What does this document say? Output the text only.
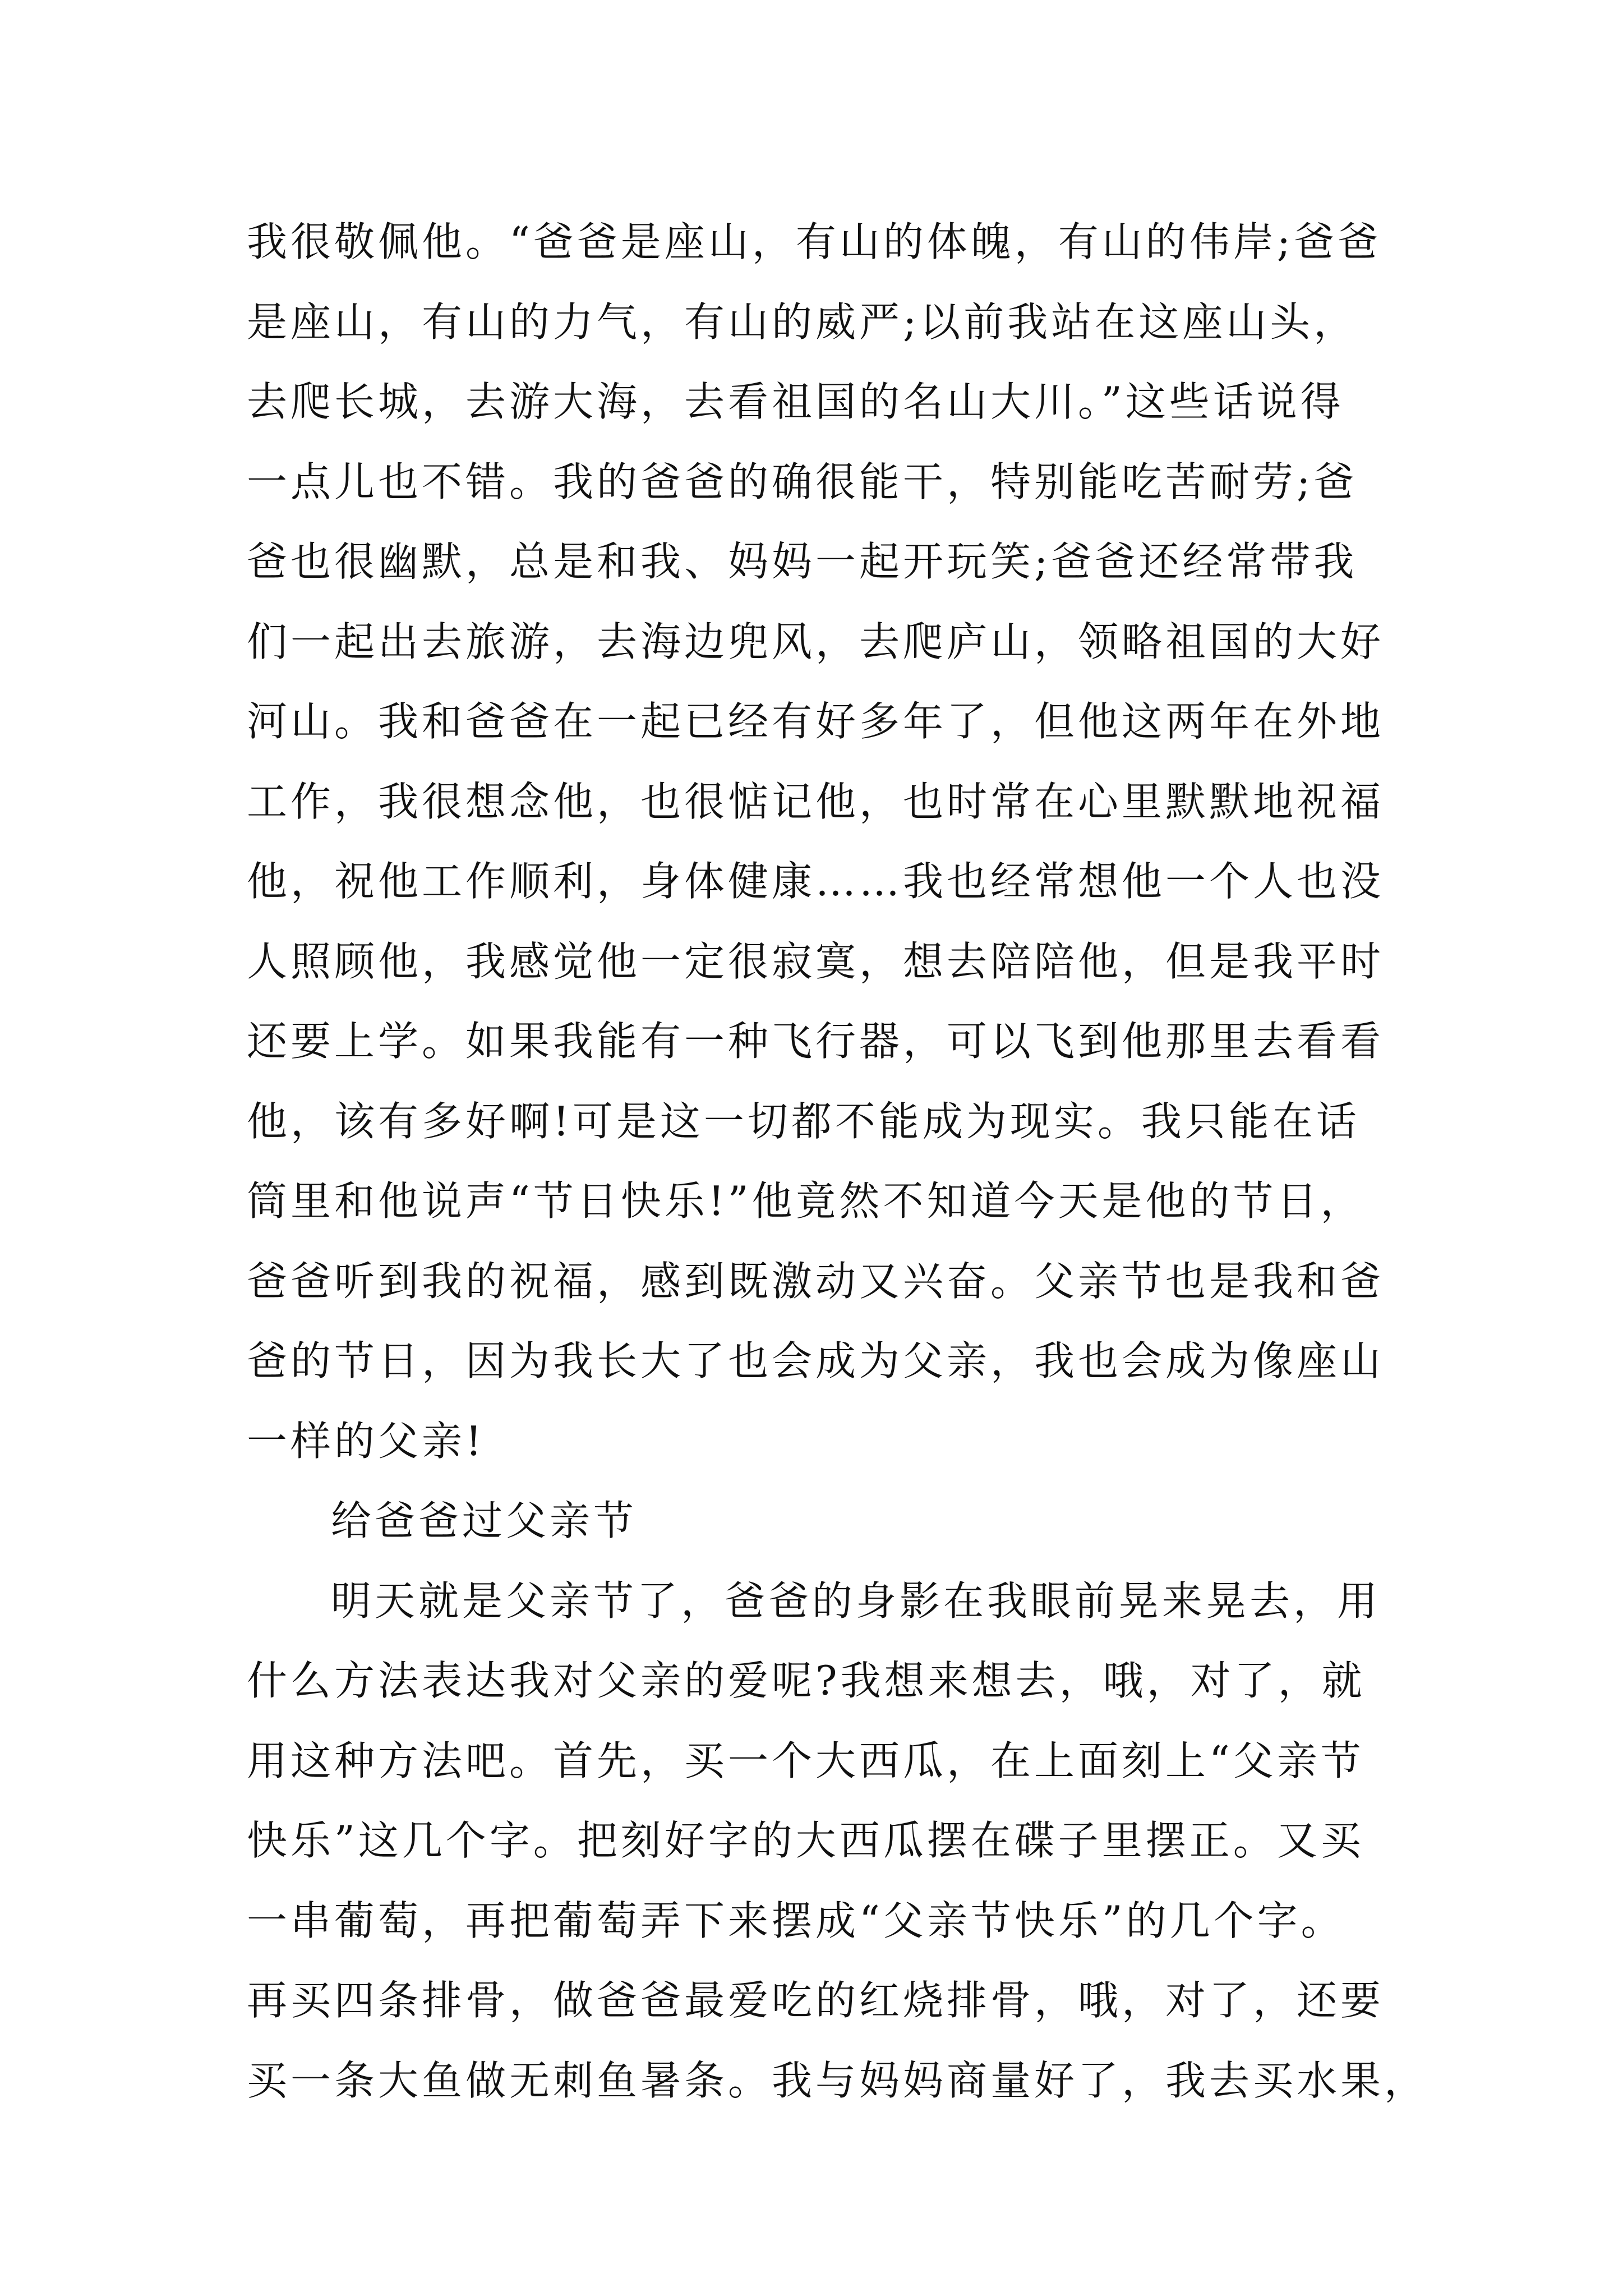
我很敬佩他。“爸爸是座山，有山的体魄，有山的伟岸;爸爸
是座山，有山的力气，有山的威严;以前我站在这座山头，
去爬长城，去游大海，去看祖国的名山大川。”这些话说得
一点儿也不错。我的爸爸的确很能干，特别能吃苦耐劳;爸
爸也很幽默，总是和我、妈妈一起开玩笑;爸爸还经常带我
们一起出去旅游，去海边兜风，去爬庐山，领略祖国的大好
河山。我和爸爸在一起已经有好多年了，但他这两年在外地
工作，我很想念他，也很惦记他，也时常在心里默默地祝福
他，祝他工作顺利，身体健康……我也经常想他一个人也没
人照顾他，我感觉他一定很寂寞，想去陪陪他，但是我平时
还要上学。如果我能有一种飞行器，可以飞到他那里去看看
他，该有多好啊!可是这一切都不能成为现实。我只能在话
筒里和他说声“节日快乐!”他竟然不知道今天是他的节日，
爸爸听到我的祝福，感到既激动又兴奋。父亲节也是我和爸
爸的节日，因为我长大了也会成为父亲，我也会成为像座山
一样的父亲!
给爸爸过父亲节
明天就是父亲节了，爸爸的身影在我眼前晃来晃去，用
什么方法表达我对父亲的爱呢?我想来想去，哦，对了，就
用这种方法吧。首先，买一个大西瓜，在上面刻上“父亲节
快乐”这几个字。把刻好字的大西瓜摆在碟子里摆正。又买
一串葡萄，再把葡萄弄下来摆成“父亲节快乐”的几个字。
再买四条排骨，做爸爸最爱吃的红烧排骨，哦，对了，还要
买一条大鱼做无刺鱼暑条。我与妈妈商量好了，我去买水果，
